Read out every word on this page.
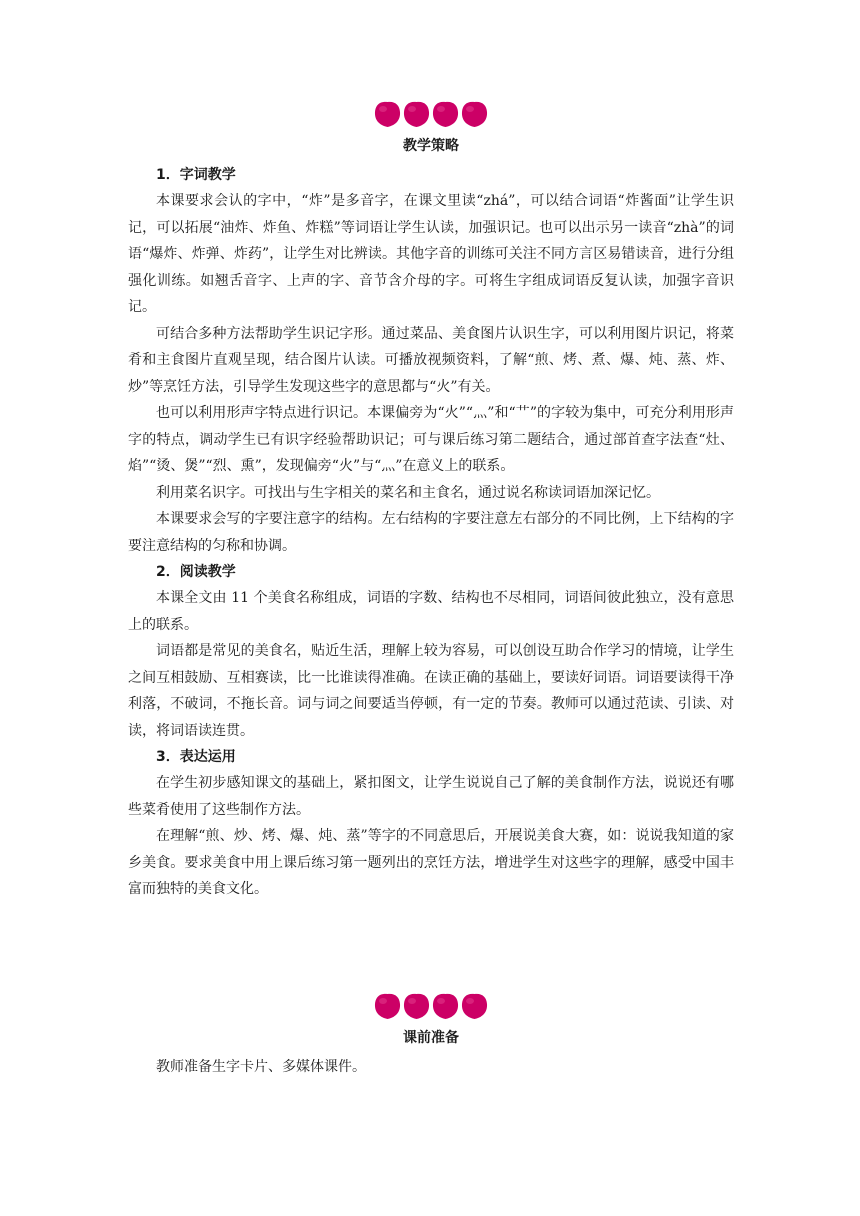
教学策略
1．字词教学

本课要求会认的字中，“炸”是多音字，在课文里读“zhá”，可以结合词语“炸酱面”让学生识记，可以拓展“油炸、炸鱼、炸糕”等词语让学生认读，加强识记。也可以出示另一读音“zhà”的词语“爆炸、炸弹、炸药”，让学生对比辨读。其他字音的训练可关注不同方言区易错读音，进行分组强化训练。如翘舌音字、上声的字、音节含介母的字。可将生字组成词语反复认读，加强字音识记。

可结合多种方法帮助学生识记字形。通过菜品、美食图片认识生字，可以利用图片识记，将菜肴和主食图片直观呈现，结合图片认读。可播放视频资料，了解“煎、烤、煮、爆、炖、蒸、炸、炒”等烹饪方法，引导学生发现这些字的意思都与“火”有关。

也可以利用形声字特点进行识记。本课偏旁为“火”“灬”和“艹”的字较为集中，可充分利用形声字的特点，调动学生已有识字经验帮助识记；可与课后练习第二题结合，通过部首查字法查“灶、焰”“烫、煲”“烈、熏”，发现偏旁“火”与“灬”在意义上的联系。

利用菜名识字。可找出与生字相关的菜名和主食名，通过说名称读词语加深记忆。

本课要求会写的字要注意字的结构。左右结构的字要注意左右部分的不同比例，上下结构的字要注意结构的匀称和协调。

2．阅读教学

本课全文由 11 个美食名称组成，词语的字数、结构也不尽相同，词语间彼此独立，没有意思上的联系。

词语都是常见的美食名，贴近生活，理解上较为容易，可以创设互助合作学习的情境，让学生之间互相鼓励、互相赛读，比一比谁读得准确。在读正确的基础上，要读好词语。词语要读得干净利落，不破词，不拖长音。词与词之间要适当停顿，有一定的节奏。教师可以通过范读、引读、对读，将词语读连贯。

3．表达运用

在学生初步感知课文的基础上，紧扣图文，让学生说说自己了解的美食制作方法，说说还有哪些菜肴使用了这些制作方法。

在理解“煎、炒、烤、爆、炖、蒸”等字的不同意思后，开展说美食大赛，如：说说我知道的家乡美食。要求美食中用上课后练习第一题列出的烹饪方法，增进学生对这些字的理解，感受中国丰富而独特的美食文化。

课前准备

教师准备生字卡片、多媒体课件。
